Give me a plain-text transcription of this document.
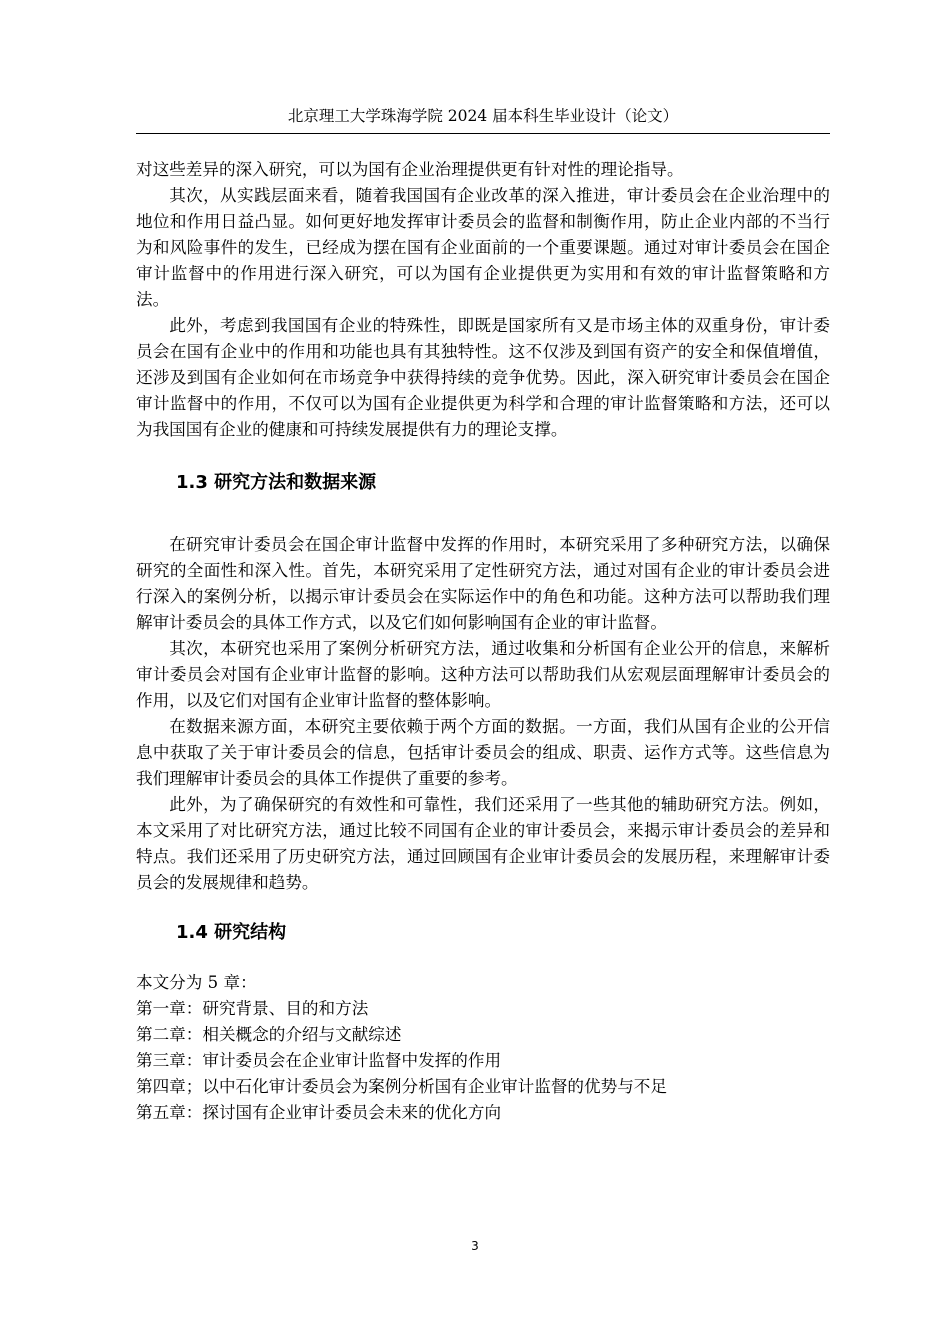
北京理工大学珠海学院 2024 届本科生毕业设计（论文）

对这些差异的深入研究，可以为国有企业治理提供更有针对性的理论指导。

其次，从实践层面来看，随着我国国有企业改革的深入推进，审计委员会在企业治理中的地位和作用日益凸显。如何更好地发挥审计委员会的监督和制衡作用，防止企业内部的不当行为和风险事件的发生，已经成为摆在国有企业面前的一个重要课题。通过对审计委员会在国企审计监督中的作用进行深入研究，可以为国有企业提供更为实用和有效的审计监督策略和方法。

此外，考虑到我国国有企业的特殊性，即既是国家所有又是市场主体的双重身份，审计委员会在国有企业中的作用和功能也具有其独特性。这不仅涉及到国有资产的安全和保值增值，还涉及到国有企业如何在市场竞争中获得持续的竞争优势。因此，深入研究审计委员会在国企审计监督中的作用，不仅可以为国有企业提供更为科学和合理的审计监督策略和方法，还可以为我国国有企业的健康和可持续发展提供有力的理论支撑。

1.3 研究方法和数据来源

在研究审计委员会在国企审计监督中发挥的作用时，本研究采用了多种研究方法，以确保研究的全面性和深入性。首先，本研究采用了定性研究方法，通过对国有企业的审计委员会进行深入的案例分析，以揭示审计委员会在实际运作中的角色和功能。这种方法可以帮助我们理解审计委员会的具体工作方式，以及它们如何影响国有企业的审计监督。

其次，本研究也采用了案例分析研究方法，通过收集和分析国有企业公开的信息，来解析审计委员会对国有企业审计监督的影响。这种方法可以帮助我们从宏观层面理解审计委员会的作用，以及它们对国有企业审计监督的整体影响。

在数据来源方面，本研究主要依赖于两个方面的数据。一方面，我们从国有企业的公开信息中获取了关于审计委员会的信息，包括审计委员会的组成、职责、运作方式等。这些信息为我们理解审计委员会的具体工作提供了重要的参考。

此外，为了确保研究的有效性和可靠性，我们还采用了一些其他的辅助研究方法。例如，本文采用了对比研究方法，通过比较不同国有企业的审计委员会，来揭示审计委员会的差异和特点。我们还采用了历史研究方法，通过回顾国有企业审计委员会的发展历程，来理解审计委员会的发展规律和趋势。

1.4 研究结构

本文分为 5 章：

第一章：研究背景、目的和方法
第二章：相关概念的介绍与文献综述
第三章：审计委员会在企业审计监督中发挥的作用
第四章；以中石化审计委员会为案例分析国有企业审计监督的优势与不足
第五章：探讨国有企业审计委员会未来的优化方向
3
